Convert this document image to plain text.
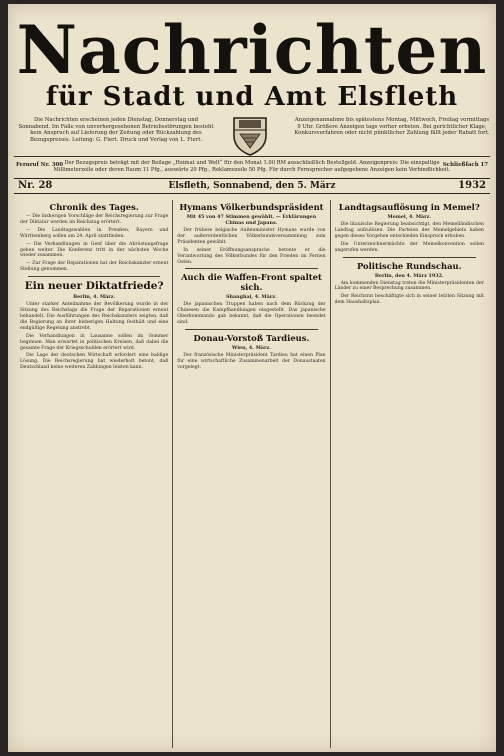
Nachrichten
für Stadt und Amt Elsfleth
Die Nachrichten erscheinen jeden Dienstag, Donnerstag und Sonnabend. Im Falle von unvorhergesehenen Betriebsstörungen besteht kein Anspruch auf Lieferung der Zeitung oder Rückzahlung des Bezugspreises. Leitung: G. Fiert. Druck und Verlag von L. Fiert.
Anzeigenannahme bis spätestens Montag, Mittwoch, Freitag vormittags 9 Uhr. Größere Anzeigen tags vorher erbeten. Bei gerichtlicher Klage, Konkursverfahren oder nicht pünktlicher Zahlung fällt jeder Rabatt fort.
Fernruf Nr. 300 Der Bezugspreis beträgt mit der Beilage „Heimat und Welt“ für den Monat 1.00 RM ausschließlich Bestellgeld. Anzeigenpreis: Die einspaltige Millimeterzeile oder deren Raum 11 Pfg., auswärts 20 Pfg., Reklamezeile 50 Pfg. Für durch Fernsprecher aufgegebene Anzeigen kein Verbindlichkeit.
Schließfach 17
Nr. 28	Elsfleth, Sonnabend, den 5. März	1932
Chronik des Tages.

— Die bisherigen Vorschläge der Reichsregierung zur Frage der Diktatur werden im Reichstag erörtert.

— Die Landtagswahlen in Preußen, Bayern und Württemberg sollen am 24. April stattfinden.

— Die Verhandlungen in Genf über die Abrüstungsfrage gehen weiter. Die Konferenz tritt in der nächsten Woche wieder zusammen.

— Zur Frage der Reparationen hat der Reichskanzler erneut Stellung genommen.

Ein neuer Diktatfriede?
Berlin, 4. März.

Unter starker Anteilnahme der Bevölkerung wurde in der Sitzung des Reichstags die Frage der Reparationen erneut behandelt. Die Ausführungen des Reichskanzlers zeigten, daß die Regierung an ihrer bisherigen Haltung festhält und eine endgültige Regelung anstrebt.

Die Verhandlungen in Lausanne sollen im Sommer beginnen. Man erwartet in politischen Kreisen, daß dabei die gesamte Frage der Kriegsschulden erörtert wird.

Die Lage der deutschen Wirtschaft erfordert eine baldige Lösung. Die Reichsregierung hat wiederholt betont, daß Deutschland keine weiteren Zahlungen leisten kann.

Hymans Völkerbundspräsident
Mit 45 von 47 Stimmen gewählt. — Erklärungen Chinas und Japans.

Der frühere belgische Außenminister Hymans wurde von der außerordentlichen Völkerbundsversammlung zum Präsidenten gewählt.

In seiner Eröffnungsansprache betonte er die Verantwortung des Völkerbundes für den Frieden im Fernen Osten.

Auch die Waffen-Front spaltet sich.
Shanghai, 4. März.

Die japanischen Truppen haben nach dem Rückzug der Chinesen die Kampfhandlungen eingestellt. Das japanische Oberkommando gab bekannt, daß die Operationen beendet sind.

Donau-Vorstoß Tardieus.
Wien, 4. März.

Der französische Ministerpräsident Tardieu hat einen Plan für eine wirtschaftliche Zusammenarbeit der Donaustaaten vorgelegt.

Landtagsauflösung in Memel?
Memel, 4. März.

Die litauische Regierung beabsichtigt, den Memelländischen Landtag aufzulösen. Die Parteien des Memelgebiets haben gegen dieses Vorgehen entschieden Einspruch erhoben.

Die Unterzeichnermächte der Memelkonvention sollen angerufen werden.

Politische Rundschau.
Berlin, den 4. März 1932.

Am kommenden Dienstag treten die Ministerpräsidenten der Länder zu einer Besprechung zusammen.

Der Reichsrat beschäftigte sich in seiner letzten Sitzung mit dem Haushaltsplan.
